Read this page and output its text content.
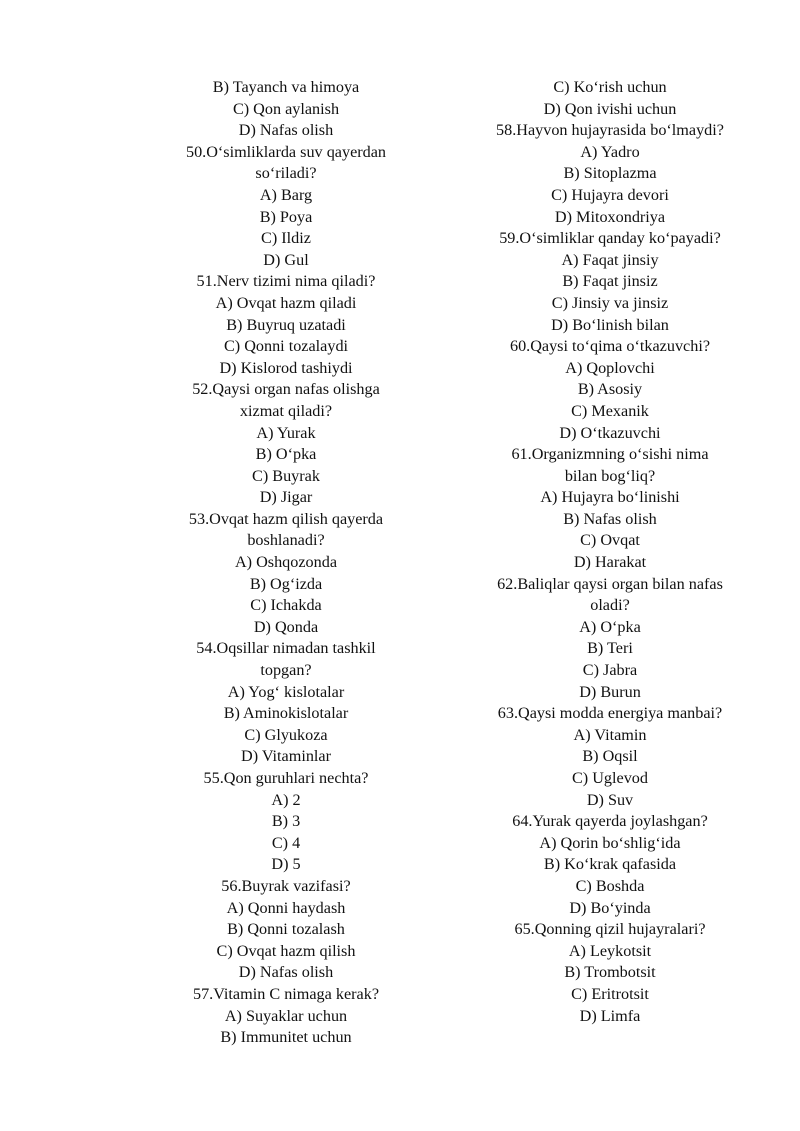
B) Tayanch va himoya
C) Qon aylanish
D) Nafas olish
50.O‘simliklarda suv qayerdan
so‘riladi?
A) Barg
B) Poya
C) Ildiz
D) Gul
51.Nerv tizimi nima qiladi?
A) Ovqat hazm qiladi
B) Buyruq uzatadi
C) Qonni tozalaydi
D) Kislorod tashiydi
52.Qaysi organ nafas olishga
xizmat qiladi?
A) Yurak
B) O‘pka
C) Buyrak
D) Jigar
53.Ovqat hazm qilish qayerda
boshlanadi?
A) Oshqozonda
B) Og‘izda
C) Ichakda
D) Qonda
54.Oqsillar nimadan tashkil
topgan?
A) Yog‘ kislotalar
B) Aminokislotalar
C) Glyukoza
D) Vitaminlar
55.Qon guruhlari nechta?
A) 2
B) 3
C) 4
D) 5
56.Buyrak vazifasi?
A) Qonni haydash
B) Qonni tozalash
C) Ovqat hazm qilish
D) Nafas olish
57.Vitamin C nimaga kerak?
A) Suyaklar uchun
B) Immunitet uchun
C) Ko‘rish uchun
D) Qon ivishi uchun
58.Hayvon hujayrasida bo‘lmaydi?
A) Yadro
B) Sitoplazma
C) Hujayra devori
D) Mitoxondriya
59.O‘simliklar qanday ko‘payadi?
A) Faqat jinsiy
B) Faqat jinsiz
C) Jinsiy va jinsiz
D) Bo‘linish bilan
60.Qaysi to‘qima o‘tkazuvchi?
A) Qoplovchi
B) Asosiy
C) Mexanik
D) O‘tkazuvchi
61.Organizmning o‘sishi nima
bilan bog‘liq?
A) Hujayra bo‘linishi
B) Nafas olish
C) Ovqat
D) Harakat
62.Baliqlar qaysi organ bilan nafas
oladi?
A) O‘pka
B) Teri
C) Jabra
D) Burun
63.Qaysi modda energiya manbai?
A) Vitamin
B) Oqsil
C) Uglevod
D) Suv
64.Yurak qayerda joylashgan?
A) Qorin bo‘shlig‘ida
B) Ko‘krak qafasida
C) Boshda
D) Bo‘yinda
65.Qonning qizil hujayralari?
A) Leykotsit
B) Trombotsit
C) Eritrotsit
D) Limfa
